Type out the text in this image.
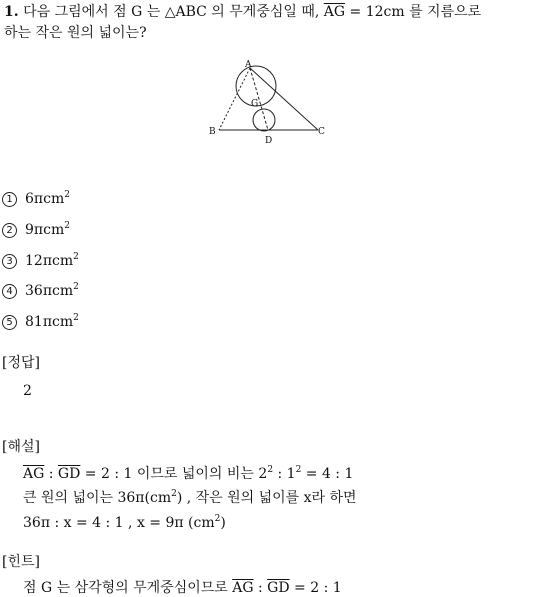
1. 다음 그림에서 점 G 는 △ABC 의 무게중심일 때, $\overline{AG} = 12cm$ 를 지름으로
하는 작은 원의 넓이는?
A
G
B
D
C
1 6πcm$^2$
2 9πcm$^2$
3 12πcm$^2$
4 36πcm$^2$
5 81πcm$^2$
[정답]
2
[해설]
$\overline{AG}$ : $\overline{GD} = 2$ : 1 이므로 넓이의 비는 $2^2$ : $1^2 = 4$ : 1
큰 원의 넓이는 $36\pi(cm^2)$ , 작은 원의 넓이를 x라 하면
36π : x = 4 : 1 , x = 9π $(cm^2)$
[힌트]
점 G 는 삼각형의 무게중심이므로 $\overline{AG}$ : $\overline{GD} = 2$ : 1
